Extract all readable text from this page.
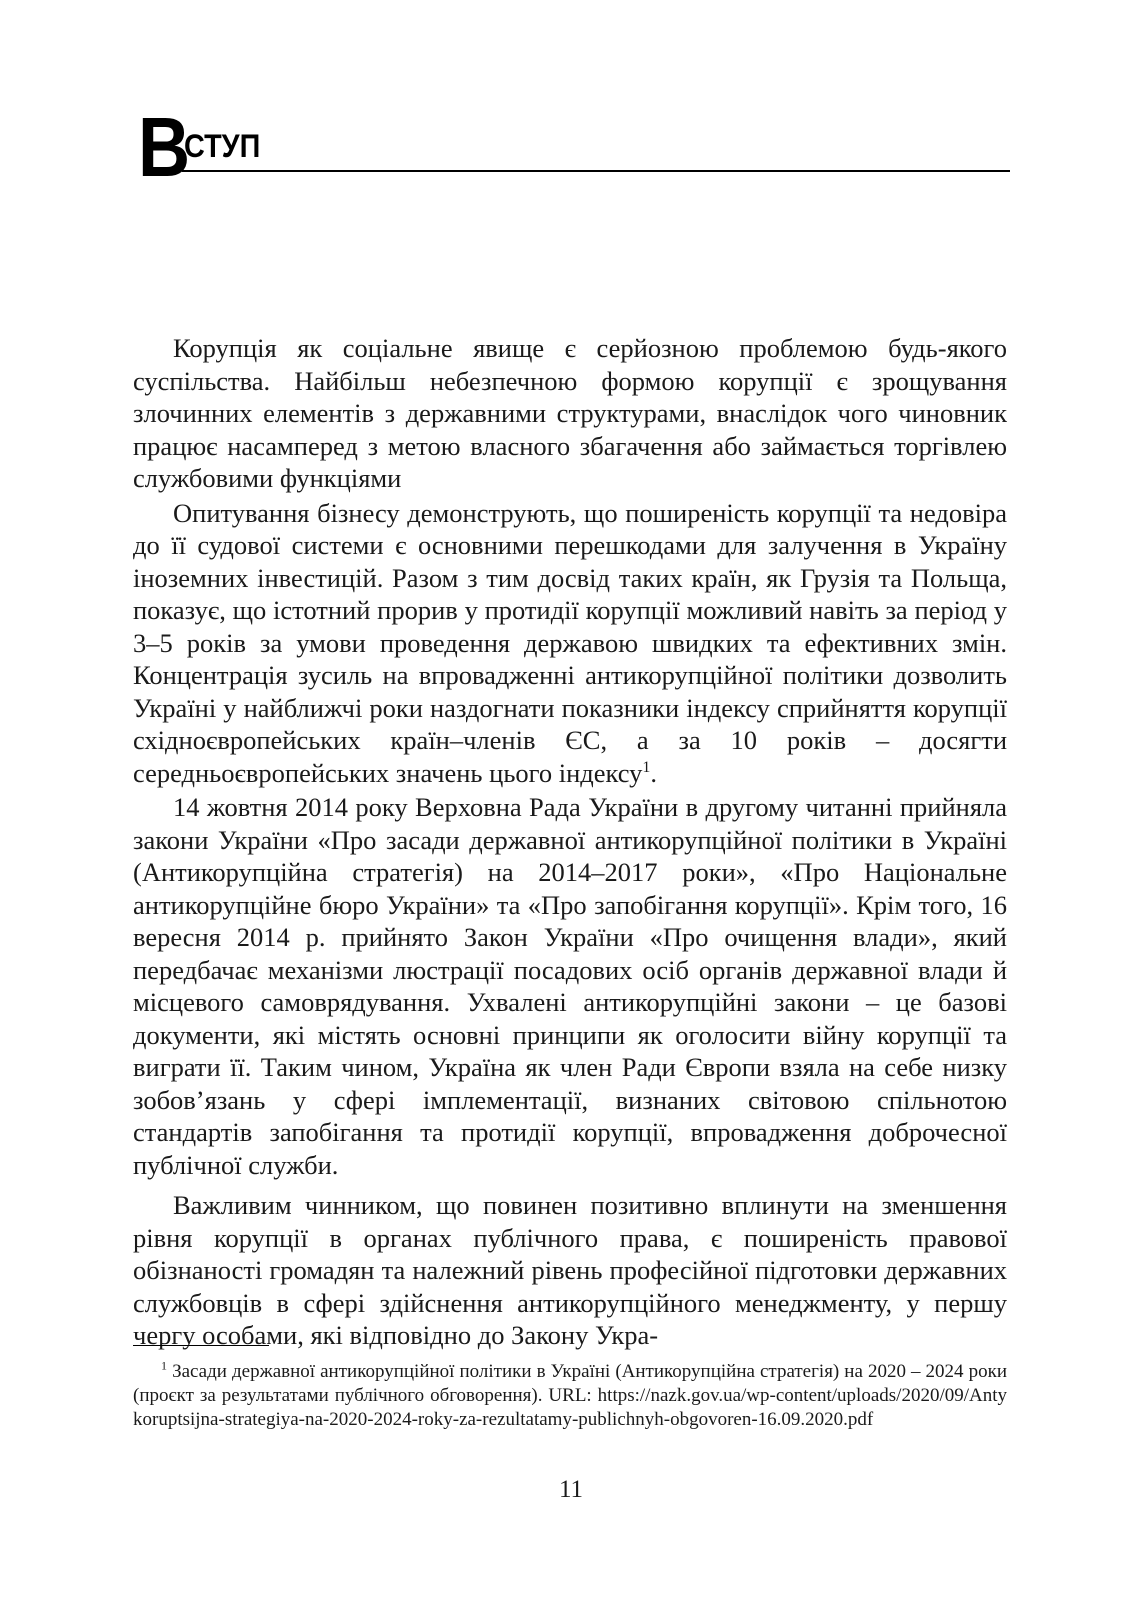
В
СТУП

Корупція як соціальне явище є серйозною проблемою будь-якого суспільства. Найбільш небезпечною формою корупції є зрощування злочинних елементів з державними структурами, внаслідок чого чиновник працює насамперед з метою власного збагачення або займається торгівлею службовими функціями

Опитування бізнесу демонструють, що поширеність корупції та недовіра до її судової системи є основними перешкодами для залучення в Україну іноземних інвестицій. Разом з тим досвід таких країн, як Грузія та Польща, показує, що істотний прорив у протидії корупції можливий навіть за період у 3–5 років за умови проведення державою швидких та ефективних змін. Концентрація зусиль на впровадженні антикорупційної політики дозволить Україні у найближчі роки наздогнати показники індексу сприйняття корупції східноєвропейських країн–членів ЄС, а за 10 років – досягти середньоєвропейських значень цього індексу$^1$.

14 жовтня 2014 року Верховна Рада України в другому читанні прийняла закони України «Про засади державної антикорупційної політики в Україні (Антикорупційна стратегія) на 2014–2017 роки», «Про Національне антикорупційне бюро України» та «Про запобігання корупції». Крім того, 16 вересня 2014 р. прийнято Закон України «Про очищення влади», який передбачає механізми люстрації посадових осіб органів державної влади й місцевого самоврядування. Ухвалені антикорупційні закони – це базові документи, які містять основні принципи як оголосити війну корупції та виграти її. Таким чином, Україна як член Ради Європи взяла на себе низку зобов’язань у сфері імплементації, визнаних світовою спільнотою стандартів запобігання та протидії корупції, впровадження доброчесної публічної служби.

Важливим чинником, що повинен позитивно вплинути на зменшення рівня корупції в органах публічного права, є поширеність правової обізнаності громадян та належний рівень професійної підготовки державних службовців в сфері здійснення антикорупційного менеджменту, у першу чергу особами, які відповідно до Закону Укра-

$^1$ Засади державної антикорупційної політики в Україні (Антикорупційна стратегія) на 2020 – 2024 роки (проєкт за результатами публічного обговорення). URL: https://nazk.gov.ua/wp-content/uploads/2020/09/Antykoruptsijna-strategiya-na-2020-2024-roky-za-rezultatamy-publichnyh-obgovoren-16.09.2020.pdf

11
